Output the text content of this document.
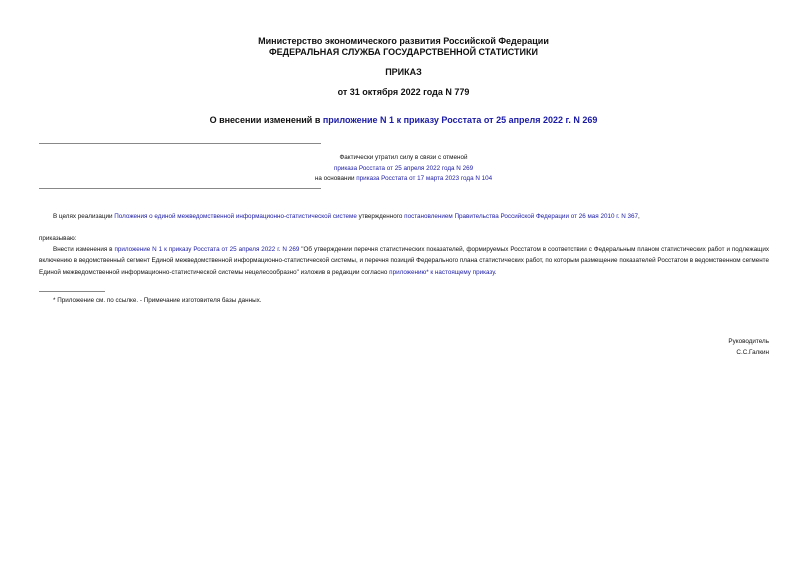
Министерство экономического развития Российской Федерации
ФЕДЕРАЛЬНАЯ СЛУЖБА ГОСУДАРСТВЕННОЙ СТАТИСТИКИ
ПРИКАЗ
от 31 октября 2022 года N 779
О внесении изменений в приложение N 1 к приказу Росстата от 25 апреля 2022 г. N 269
Фактически утратил силу в связи с отменой
приказа Росстата от 25 апреля 2022 года N 269
на основании приказа Росстата от 17 марта 2023 года N 104
В целях реализации Положения о единой межведомственной информационно-статистической системе утвержденного постановлением Правительства Российской Федерации от 26 мая 2010 г. N 367,
приказываю:
Внести изменения в приложение N 1 к приказу Росстата от 25 апреля 2022 г. N 269 "Об утверждении перечня статистических показателей, формируемых Росстатом в соответствии с Федеральным планом статистических работ и подлежащих включению в ведомственный сегмент Единой межведомственной информационно-статистической системы, и перечня позиций Федерального плана статистических работ, по которым размещение показателей Росстатом в ведомственном сегменте Единой межведомственной информационно-статистической системы нецелесообразно" изложив в редакции согласно приложению* к настоящему приказу.
* Приложение см. по ссылке. - Примечание изготовителя базы данных.
Руководитель
С.С.Галкин
